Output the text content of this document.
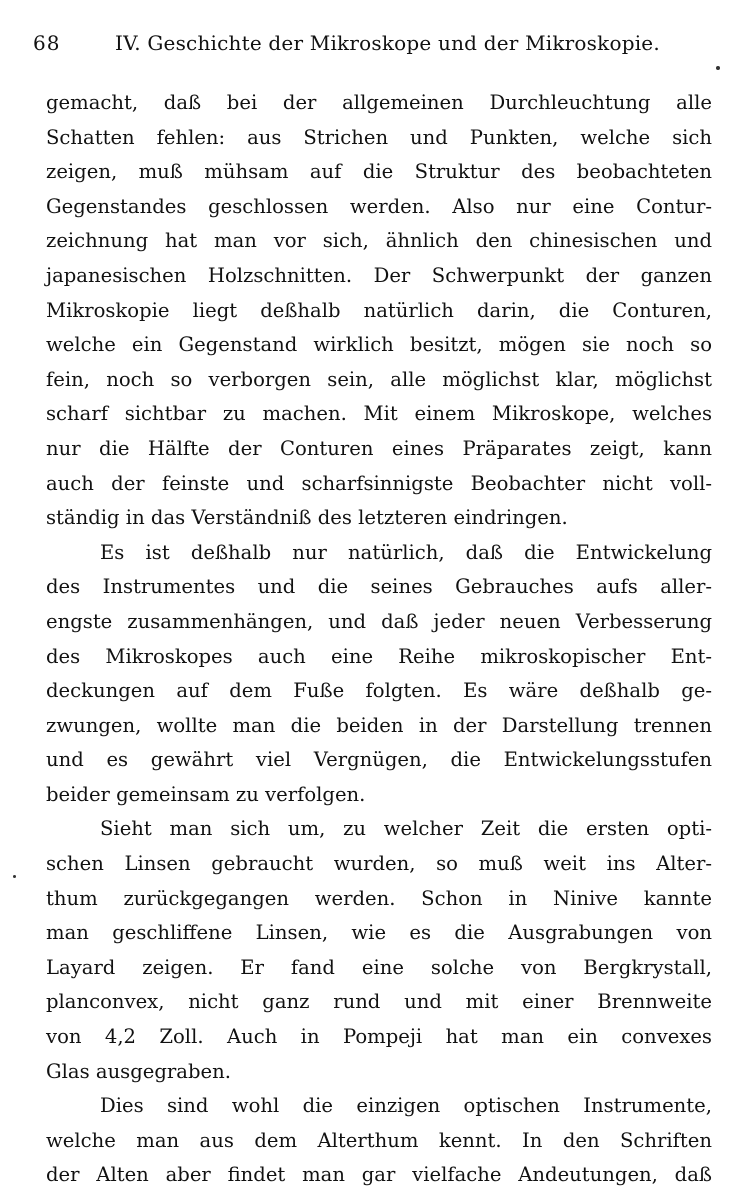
68	IV. Geschichte der Mikroskope und der Mikroskopie.

gemacht, daß bei der allgemeinen Durchleuchtung alle
Schatten fehlen: aus Strichen und Punkten, welche sich
zeigen, muß mühsam auf die Struktur des beobachteten
Gegenstandes geschlossen werden. Also nur eine Contur-
zeichnung hat man vor sich, ähnlich den chinesischen und
japanesischen Holzschnitten. Der Schwerpunkt der ganzen
Mikroskopie liegt deßhalb natürlich darin, die Conturen,
welche ein Gegenstand wirklich besitzt, mögen sie noch so
fein, noch so verborgen sein, alle möglichst klar, möglichst
scharf sichtbar zu machen. Mit einem Mikroskope, welches
nur die Hälfte der Conturen eines Präparates zeigt, kann
auch der feinste und scharfsinnigste Beobachter nicht voll-
ständig in das Verständniß des letzteren eindringen.

Es ist deßhalb nur natürlich, daß die Entwickelung
des Instrumentes und die seines Gebrauches aufs aller-
engste zusammenhängen, und daß jeder neuen Verbesserung
des Mikroskopes auch eine Reihe mikroskopischer Ent-
deckungen auf dem Fuße folgten. Es wäre deßhalb ge-
zwungen, wollte man die beiden in der Darstellung trennen
und es gewährt viel Vergnügen, die Entwickelungsstufen
beider gemeinsam zu verfolgen.

Sieht man sich um, zu welcher Zeit die ersten opti-
schen Linsen gebraucht wurden, so muß weit ins Alter-
thum zurückgegangen werden. Schon in Ninive kannte
man geschliffene Linsen, wie es die Ausgrabungen von
Layard zeigen. Er fand eine solche von Bergkrystall,
planconvex, nicht ganz rund und mit einer Brennweite
von 4,2 Zoll. Auch in Pompeji hat man ein convexes
Glas ausgegraben.

Dies sind wohl die einzigen optischen Instrumente,
welche man aus dem Alterthum kennt. In den Schriften
der Alten aber findet man gar vielfache Andeutungen, daß
